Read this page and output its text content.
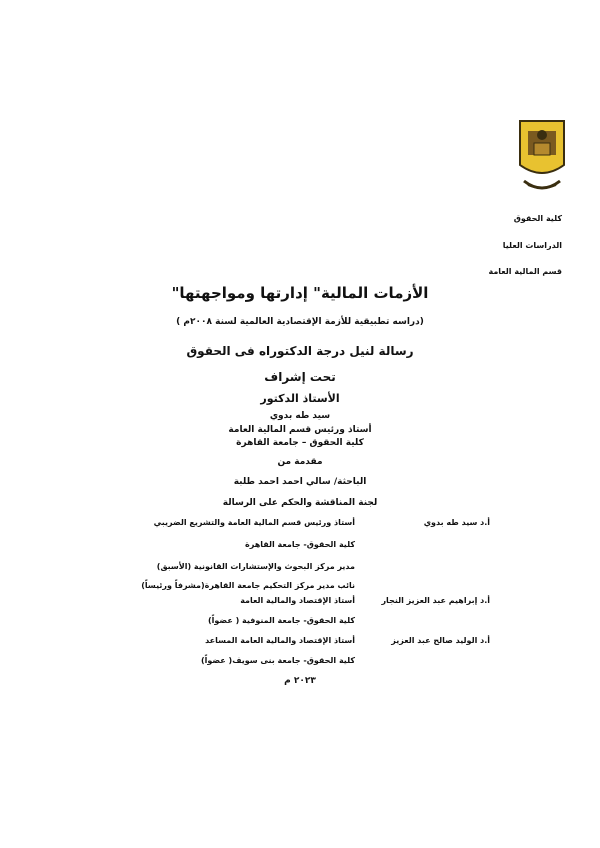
كلية الحقوق
الدراسات العليا
قسم المالية العامة
الأزمات المالية" إدارتها ومواجهتها"
(دراسه تطبيقية للأزمة الإقتصادية العالمية لسنة ٢٠٠٨م )
رسالة لنيل درجة الدكتوراه فى الحقوق
تحت إشراف
الأستاذ الدكتور
سيد طه بدوي
أستاذ ورئيس قسم المالية العامة
كلية الحقوق – جامعة القاهرة
مقدمة من
الباحثة/ سالي احمد احمد طلبة
لجنة المناقشة والحكم على الرسالة
أ.د سيد طه بدوي
أستاذ ورئيس قسم المالية العامة والتشريع الضريبي
كلية الحقوق- جامعة القاهرة
مدير مركز البحوث والإستشارات القانونية (الأسبق)
نائب مدير مركز التحكيم جامعة القاهرة(مشرفاً ورئيساً)
أ.د إبراهيم عبد العزيز النجار
أستاذ الإقتصاد والمالية العامة
كلية الحقوق- جامعة المنوفية ( عضواً)
أ.د الوليد صالح عبد العزيز
أستاذ الإقتصاد والمالية العامة المساعد
كلية الحقوق- جامعة بنى سويف( عضواً)
٢٠٢٣ م
